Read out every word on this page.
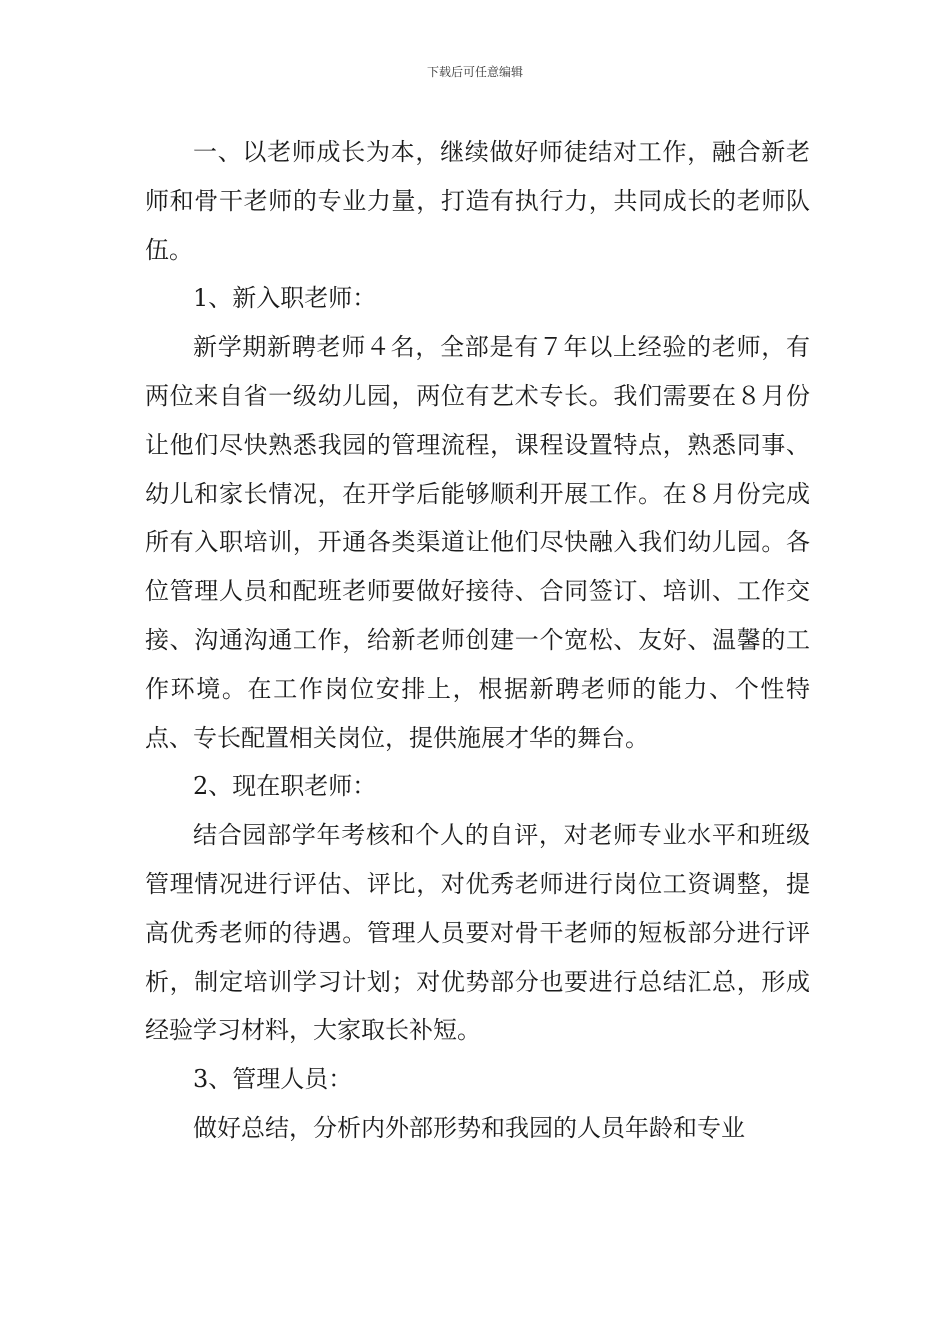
下载后可任意编辑

一、以老师成长为本，继续做好师徒结对工作，融合新老师和骨干老师的专业力量，打造有执行力，共同成长的老师队伍。

1、新入职老师：

新学期新聘老师４名，全部是有７年以上经验的老师，有两位来自省一级幼儿园，两位有艺术专长。我们需要在８月份让他们尽快熟悉我园的管理流程，课程设置特点，熟悉同事、幼儿和家长情况，在开学后能够顺利开展工作。在８月份完成所有入职培训，开通各类渠道让他们尽快融入我们幼儿园。各位管理人员和配班老师要做好接待、合同签订、培训、工作交接、沟通沟通工作，给新老师创建一个宽松、友好、温馨的工作环境。在工作岗位安排上，根据新聘老师的能力、个性特点、专长配置相关岗位，提供施展才华的舞台。

2、现在职老师：

结合园部学年考核和个人的自评，对老师专业水平和班级管理情况进行评估、评比，对优秀老师进行岗位工资调整，提高优秀老师的待遇。管理人员要对骨干老师的短板部分进行评析，制定培训学习计划；对优势部分也要进行总结汇总，形成经验学习材料，大家取长补短。

3、管理人员：

做好总结，分析内外部形势和我园的人员年龄和专业
